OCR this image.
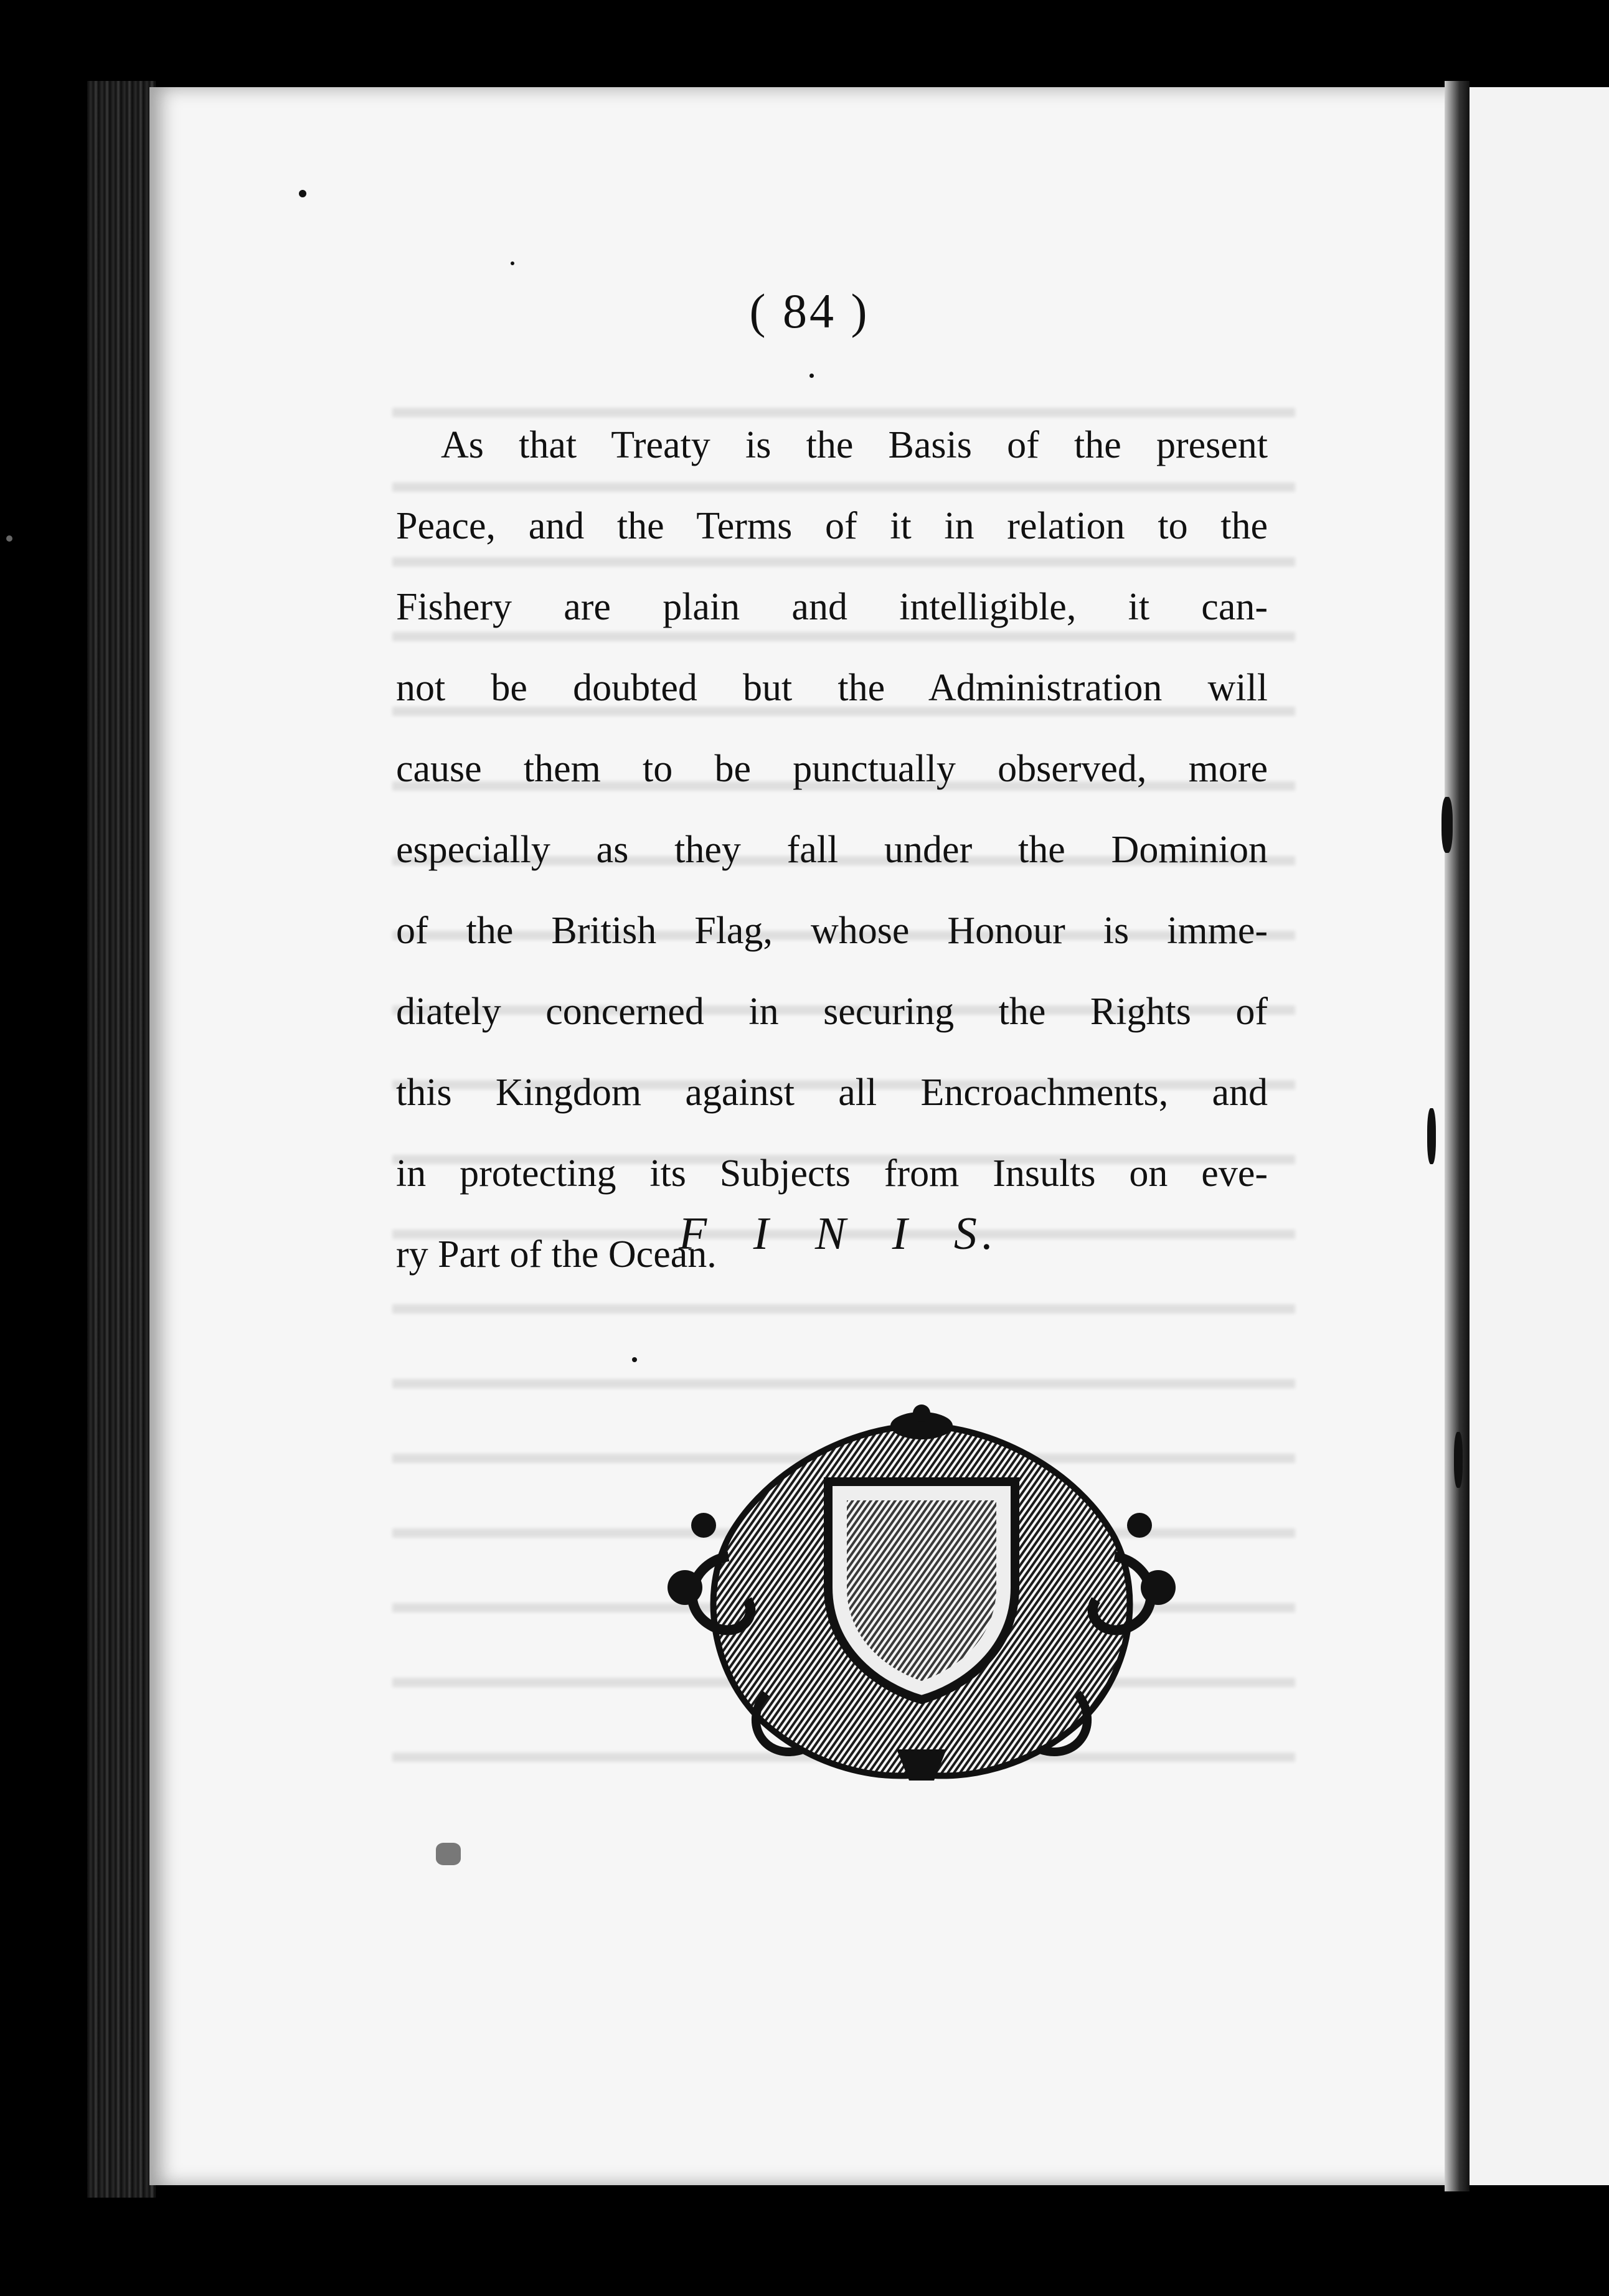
( 84 )
As that Treaty is the Basis of the present
Peace, and the Terms of it in relation to the
Fishery are plain and intelligible, it can-
not be doubted but the Administration will
cause them to be punctually observed, more
especially as they fall under the Dominion
of the British Flag, whose Honour is imme-
diately concerned in securing the Rights of
this Kingdom against all Encroachments, and
in protecting its Subjects from Insults on eve-
ry Part of the Ocean.
F I N I S.
